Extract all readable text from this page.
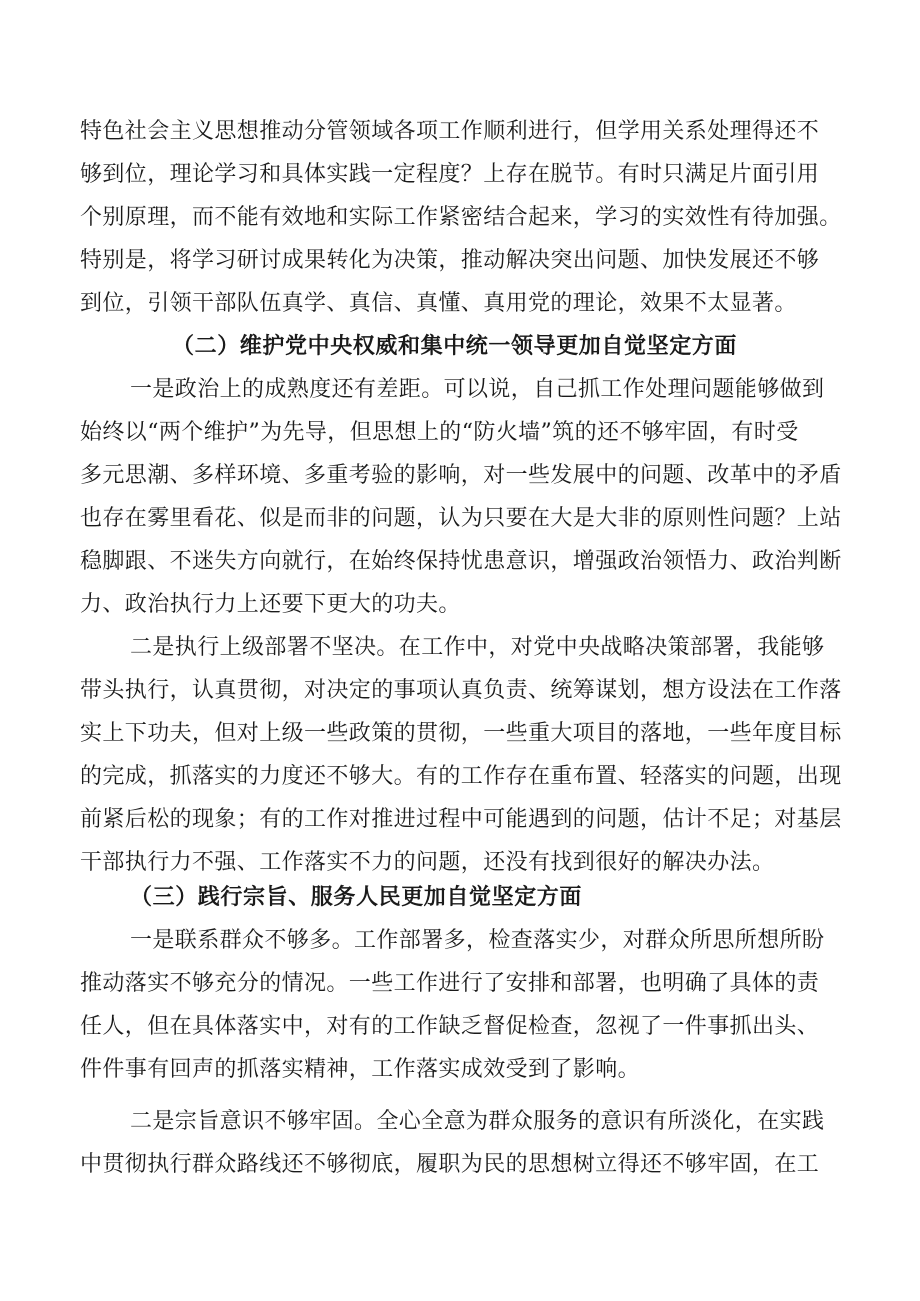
特色社会主义思想推动分管领域各项工作顺利进行，但学用关系处理得还不
够到位，理论学习和具体实践一定程度？上存在脱节。有时只满足片面引用
个别原理，而不能有效地和实际工作紧密结合起来，学习的实效性有待加强。
特别是，将学习研讨成果转化为决策，推动解决突出问题、加快发展还不够
到位，引领干部队伍真学、真信、真懂、真用党的理论，效果不太显著。
（二）维护党中央权威和集中统一领导更加自觉坚定方面
一是政治上的成熟度还有差距。可以说，自己抓工作处理问题能够做到
始终以“两个维护”为先导，但思想上的“防火墙”筑的还不够牢固，有时受
多元思潮、多样环境、多重考验的影响，对一些发展中的问题、改革中的矛盾
也存在雾里看花、似是而非的问题，认为只要在大是大非的原则性问题？上站
稳脚跟、不迷失方向就行，在始终保持忧患意识，增强政治领悟力、政治判断
力、政治执行力上还要下更大的功夫。
二是执行上级部署不坚决。在工作中，对党中央战略决策部署，我能够
带头执行，认真贯彻，对决定的事项认真负责、统筹谋划，想方设法在工作落
实上下功夫，但对上级一些政策的贯彻，一些重大项目的落地，一些年度目标
的完成，抓落实的力度还不够大。有的工作存在重布置、轻落实的问题，出现
前紧后松的现象；有的工作对推进过程中可能遇到的问题，估计不足；对基层
干部执行力不强、工作落实不力的问题，还没有找到很好的解决办法。
（三）践行宗旨、服务人民更加自觉坚定方面
一是联系群众不够多。工作部署多，检查落实少，对群众所思所想所盼
推动落实不够充分的情况。一些工作进行了安排和部署，也明确了具体的责
任人，但在具体落实中，对有的工作缺乏督促检查，忽视了一件事抓出头、
件件事有回声的抓落实精神，工作落实成效受到了影响。
二是宗旨意识不够牢固。全心全意为群众服务的意识有所淡化，在实践
中贯彻执行群众路线还不够彻底，履职为民的思想树立得还不够牢固，在工
